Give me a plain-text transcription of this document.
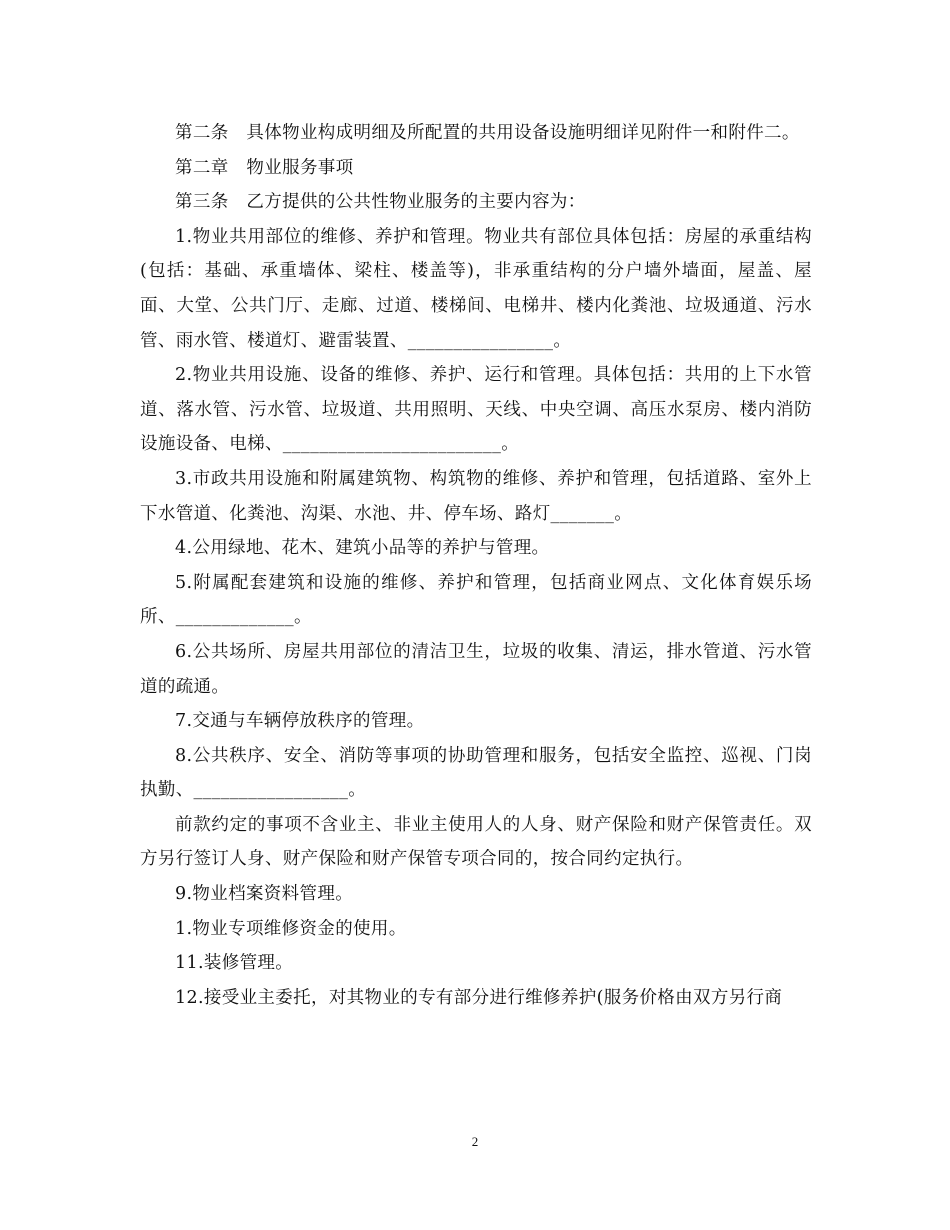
第二条　具体物业构成明细及所配置的共用设备设施明细详见附件一和附件二。

第二章　物业服务事项

第三条　乙方提供的公共性物业服务的主要内容为：

1.物业共用部位的维修、养护和管理。物业共有部位具体包括：房屋的承重结构(包括：基础、承重墙体、梁柱、楼盖等)，非承重结构的分户墙外墙面，屋盖、屋面、大堂、公共门厅、走廊、过道、楼梯间、电梯井、楼内化粪池、垃圾通道、污水管、雨水管、楼道灯、避雷装置、________________。

2.物业共用设施、设备的维修、养护、运行和管理。具体包括：共用的上下水管道、落水管、污水管、垃圾道、共用照明、天线、中央空调、高压水泵房、楼内消防设施设备、电梯、________________________。

3.市政共用设施和附属建筑物、构筑物的维修、养护和管理，包括道路、室外上下水管道、化粪池、沟渠、水池、井、停车场、路灯_______。

4.公用绿地、花木、建筑小品等的养护与管理。

5.附属配套建筑和设施的维修、养护和管理，包括商业网点、文化体育娱乐场所、_____________。

6.公共场所、房屋共用部位的清洁卫生，垃圾的收集、清运，排水管道、污水管道的疏通。

7.交通与车辆停放秩序的管理。

8.公共秩序、安全、消防等事项的协助管理和服务，包括安全监控、巡视、门岗执勤、_________________。

前款约定的事项不含业主、非业主使用人的人身、财产保险和财产保管责任。双方另行签订人身、财产保险和财产保管专项合同的，按合同约定执行。

9.物业档案资料管理。

1.物业专项维修资金的使用。

11.装修管理。

12.接受业主委托，对其物业的专有部分进行维修养护(服务价格由双方另行商

2
